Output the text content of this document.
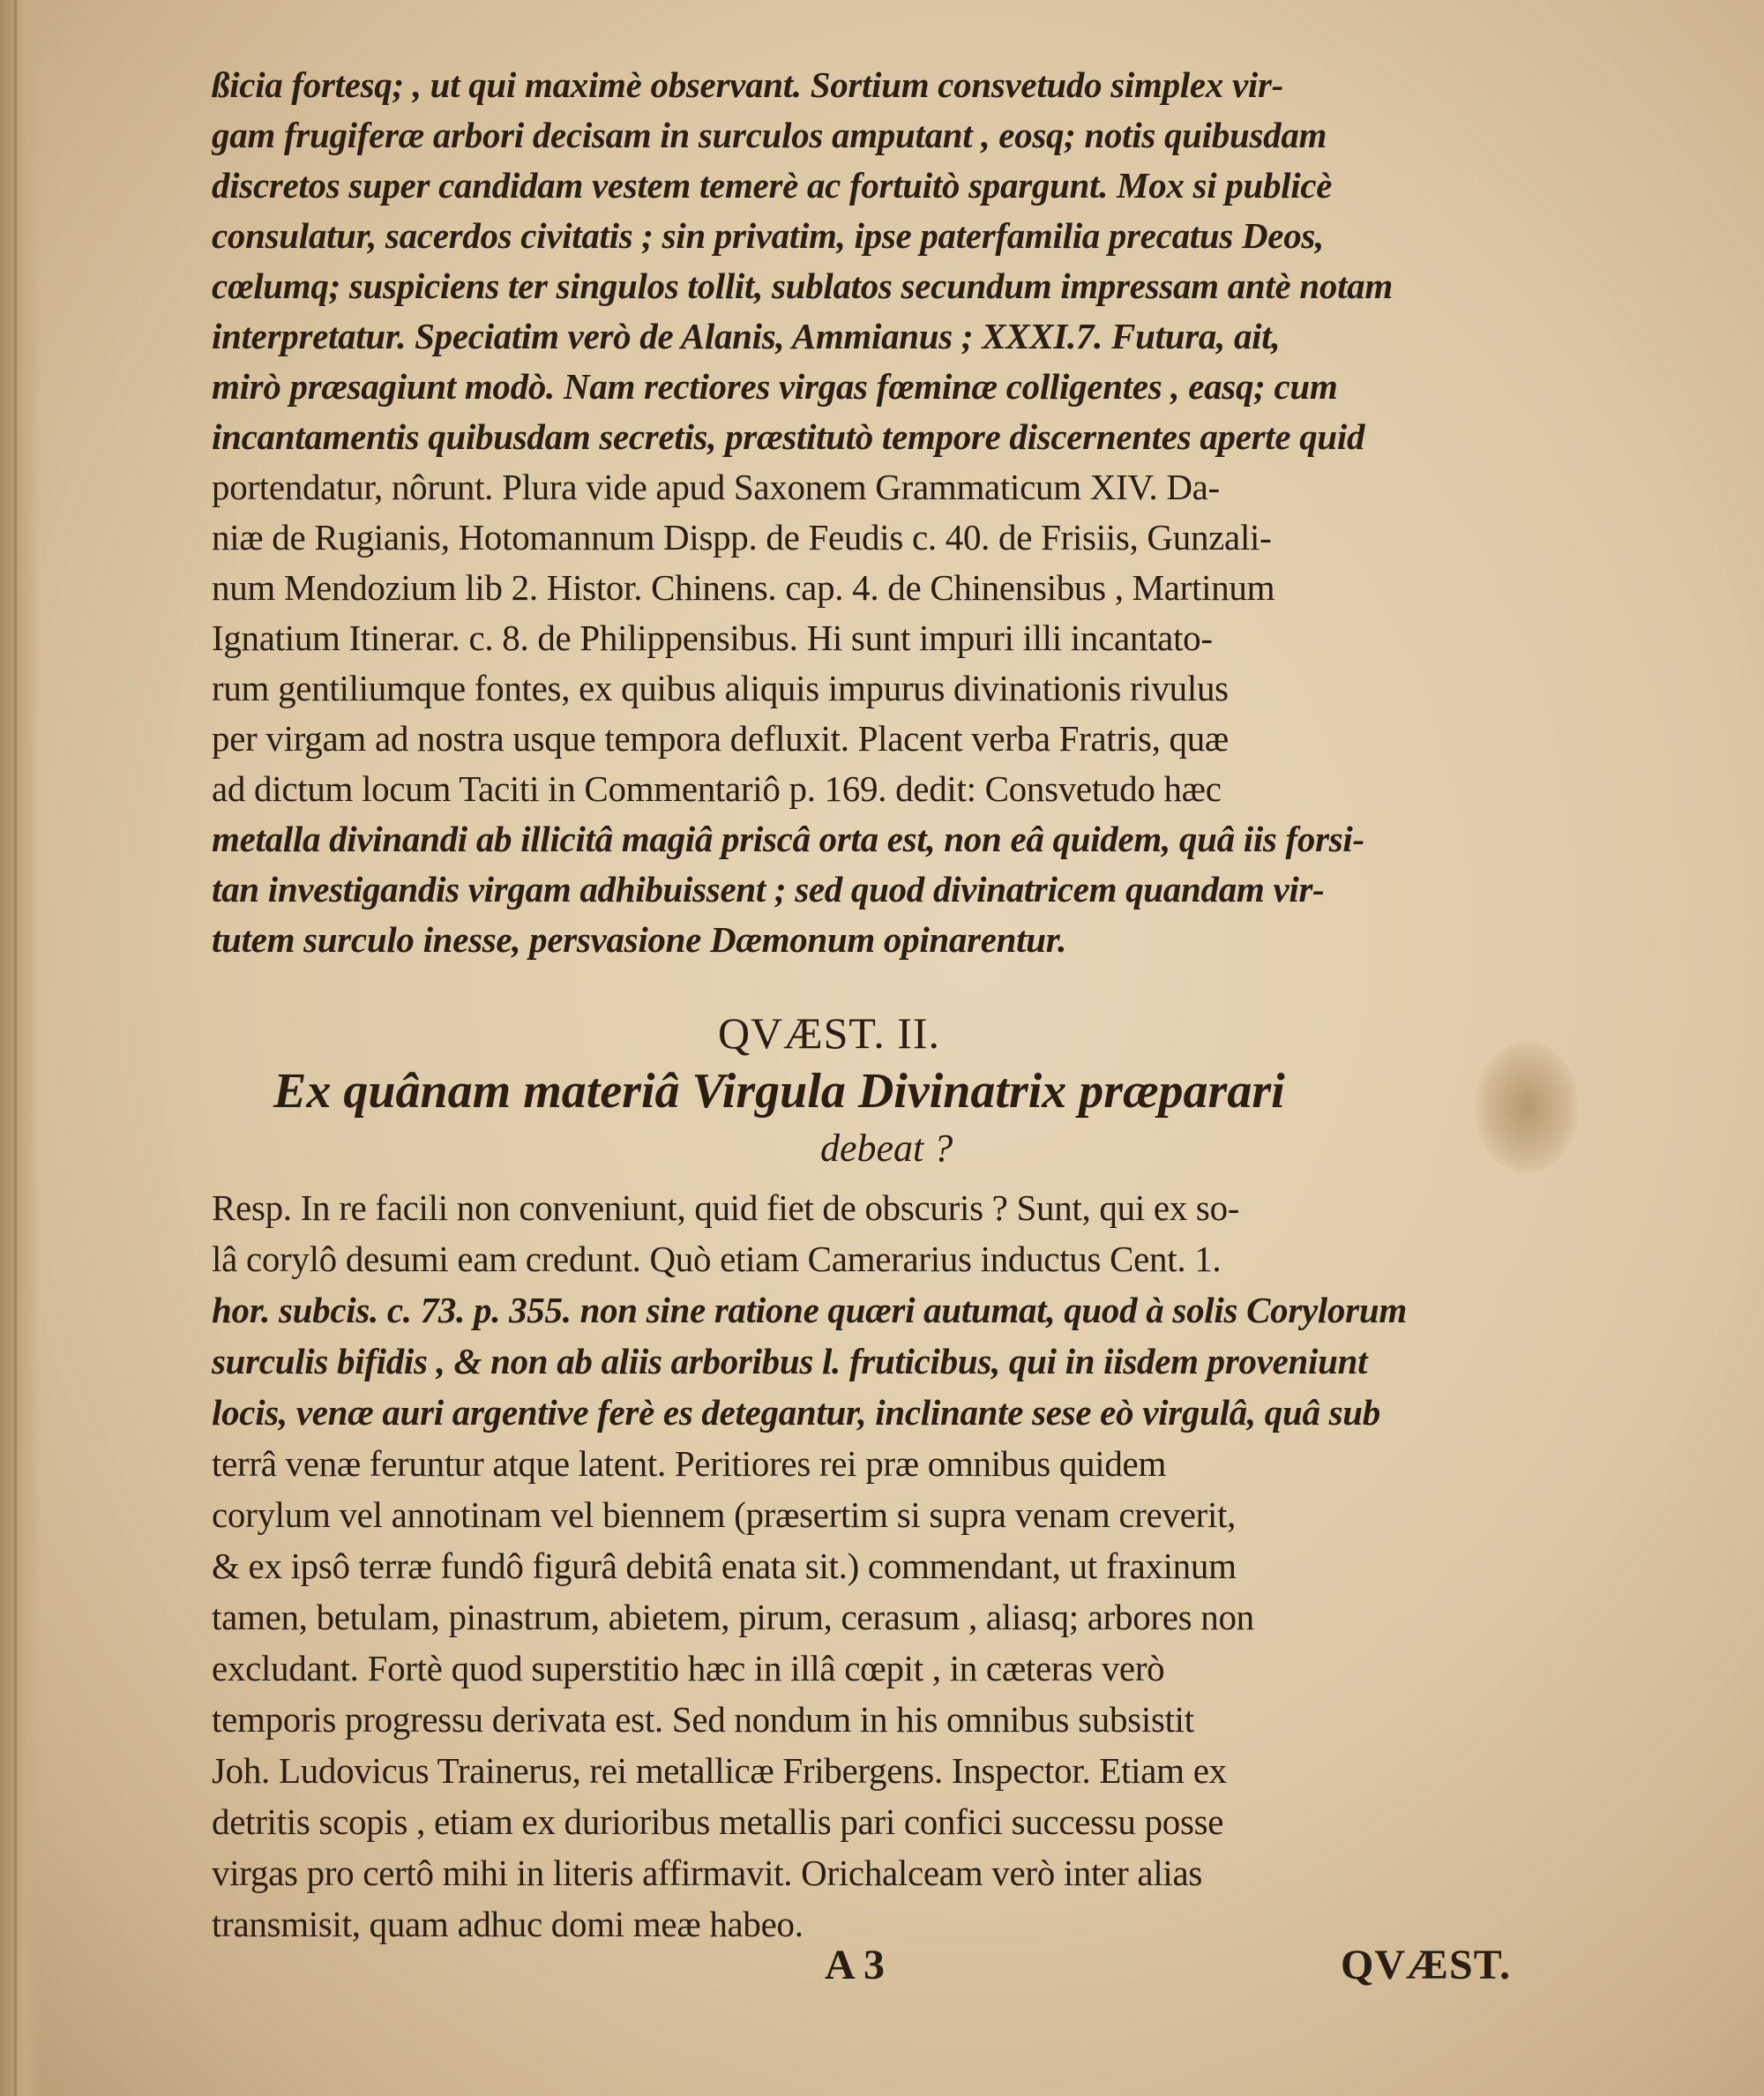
ßicia fortesq; , ut qui maximè observant. Sortium consvetudo simplex vir-
gam frugiferæ arbori decisam in surculos amputant , eosq; notis quibusdam
discretos super candidam vestem temerè ac fortuitò spargunt. Mox si publicè
consulatur, sacerdos civitatis ; sin privatim, ipse paterfamilia precatus Deos,
cœlumq; suspiciens ter singulos tollit, sublatos secundum impressam antè notam
interpretatur. Speciatim verò de Alanis, Ammianus ; XXXI.7. Futura, ait,
mirò præsagiunt modò. Nam rectiores virgas fœminæ colligentes , easq; cum
incantamentis quibusdam secretis, præstitutò tempore discernentes aperte quid
portendatur, nôrunt. Plura vide apud Saxonem Grammaticum XIV. Da-
niæ de Rugianis, Hotomannum Dispp. de Feudis c. 40. de Frisiis, Gunzali-
num Mendozium lib 2. Histor. Chinens. cap. 4. de Chinensibus , Martinum
Ignatium Itinerar. c. 8. de Philippensibus. Hi sunt impuri illi incantato-
rum gentiliumque fontes, ex quibus aliquis impurus divinationis rivulus
per virgam ad nostra usque tempora defluxit. Placent verba Fratris, quæ
ad dictum locum Taciti in Commentariô p. 169. dedit: Consvetudo hæc
metalla divinandi ab illicitâ magiâ priscâ orta est, non eâ quidem, quâ iis forsi-
tan investigandis virgam adhibuissent ; sed quod divinatricem quandam vir-
tutem surculo inesse, persvasione Dæmonum opinarentur.
QVÆST. II.
Ex quânam materiâ Virgula Divinatrix præparari
debeat ?
Resp. In re facili non conveniunt, quid fiet de obscuris ? Sunt, qui ex so-
lâ corylô desumi eam credunt. Quò etiam Camerarius inductus Cent. 1.
hor. subcis. c. 73. p. 355. non sine ratione quæri autumat, quod à solis Corylorum
surculis bifidis , & non ab aliis arboribus l. fruticibus, qui in iisdem proveniunt
locis, venæ auri argentive ferè es detegantur, inclinante sese eò virgulâ, quâ sub
terrâ venæ feruntur atque latent. Peritiores rei præ omnibus quidem
corylum vel annotinam vel biennem (præsertim si supra venam creverit,
& ex ipsô terræ fundô figurâ debitâ enata sit.) commendant, ut fraxinum
tamen, betulam, pinastrum, abietem, pirum, cerasum , aliasq; arbores non
excludant. Fortè quod superstitio hæc in illâ cœpit , in cæteras verò
temporis progressu derivata est. Sed nondum in his omnibus subsistit
Joh. Ludovicus Trainerus, rei metallicæ Fribergens. Inspector. Etiam ex
detritis scopis , etiam ex durioribus metallis pari confici successu posse
virgas pro certô mihi in literis affirmavit. Orichalceam verò inter alias
transmisit, quam adhuc domi meæ habeo.
A 3	QVÆST.
